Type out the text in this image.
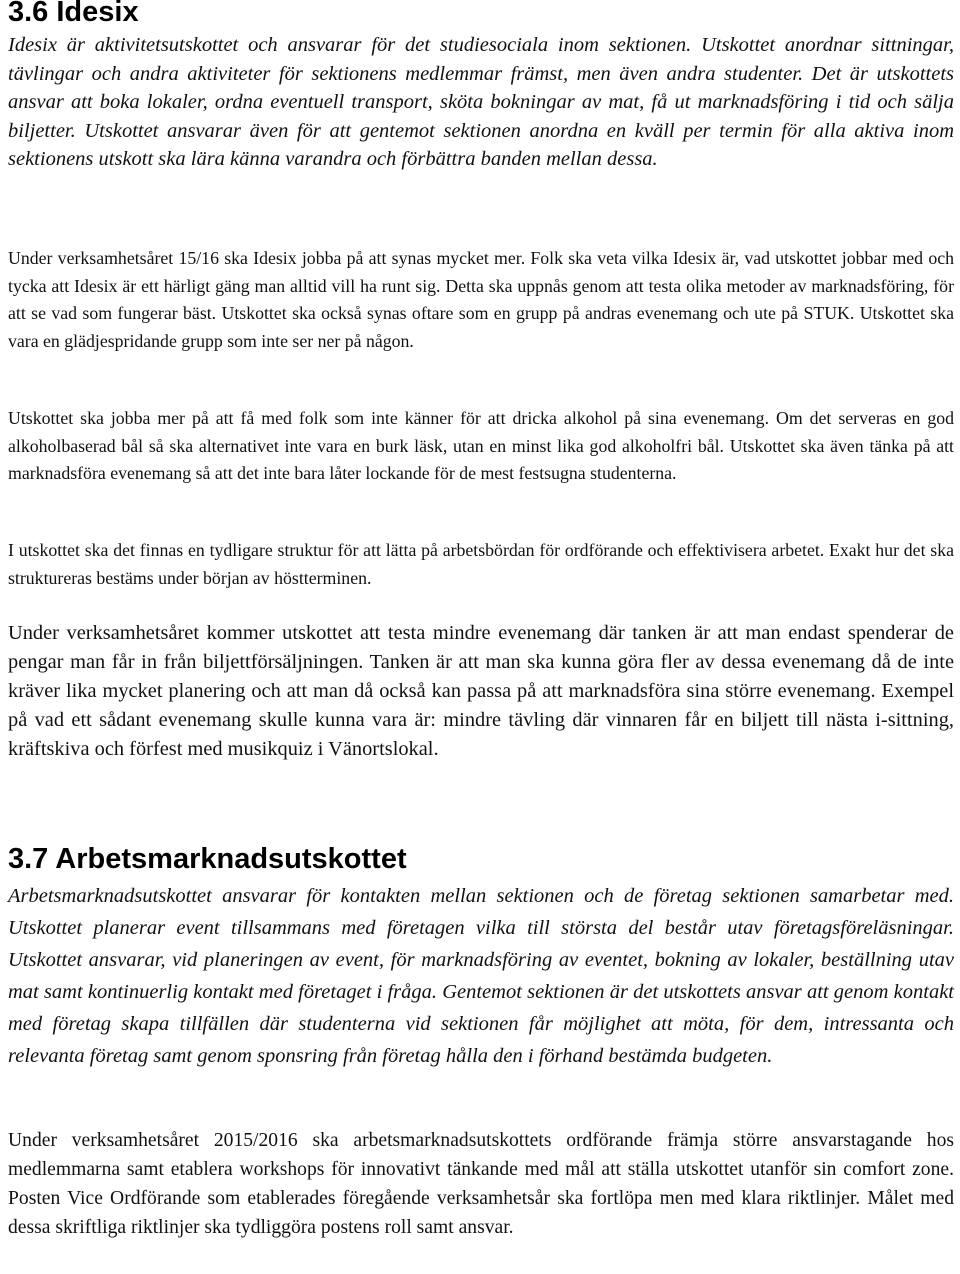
3.6 Idesix

Idesix är aktivitetsutskottet och ansvarar för det studiesociala inom sektionen. Utskottet anordnar sittningar, tävlingar och andra aktiviteter för sektionens medlemmar främst, men även andra studenter. Det är utskottets ansvar att boka lokaler, ordna eventuell transport, sköta bokningar av mat, få ut marknadsföring i tid och sälja biljetter. Utskottet ansvarar även för att gentemot sektionen anordna en kväll per termin för alla aktiva inom sektionens utskott ska lära känna varandra och förbättra banden mellan dessa.

Under verksamhetsåret 15/16 ska Idesix jobba på att synas mycket mer. Folk ska veta vilka Idesix är, vad utskottet jobbar med och tycka att Idesix är ett härligt gäng man alltid vill ha runt sig. Detta ska uppnås genom att testa olika metoder av marknadsföring, för att se vad som fungerar bäst. Utskottet ska också synas oftare som en grupp på andras evenemang och ute på STUK. Utskottet ska vara en glädjespridande grupp som inte ser ner på någon.

Utskottet ska jobba mer på att få med folk som inte känner för att dricka alkohol på sina evenemang. Om det serveras en god alkoholbaserad bål så ska alternativet inte vara en burk läsk, utan en minst lika god alkoholfri bål. Utskottet ska även tänka på att marknadsföra evenemang så att det inte bara låter lockande för de mest festsugna studenterna.

I utskottet ska det finnas en tydligare struktur för att lätta på arbetsbördan för ordförande och effektivisera arbetet. Exakt hur det ska struktureras bestäms under början av höstterminen.

Under verksamhetsåret kommer utskottet att testa mindre evenemang där tanken är att man endast spenderar de pengar man får in från biljettförsäljningen. Tanken är att man ska kunna göra fler av dessa evenemang då de inte kräver lika mycket planering och att man då också kan passa på att marknadsföra sina större evenemang. Exempel på vad ett sådant evenemang skulle kunna vara är: mindre tävling där vinnaren får en biljett till nästa i-sittning, kräftskiva och förfest med musikquiz i Vänortslokal.

3.7 Arbetsmarknadsutskottet

Arbetsmarknadsutskottet ansvarar för kontakten mellan sektionen och de företag sektionen samarbetar med. Utskottet planerar event tillsammans med företagen vilka till största del består utav företagsföreläsningar. Utskottet ansvarar, vid planeringen av event, för marknadsföring av eventet, bokning av lokaler, beställning utav mat samt kontinuerlig kontakt med företaget i fråga. Gentemot sektionen är det utskottets ansvar att genom kontakt med företag skapa tillfällen där studenterna vid sektionen får möjlighet att möta, för dem, intressanta och relevanta företag samt genom sponsring från företag hålla den i förhand bestämda budgeten.

Under verksamhetsåret 2015/2016 ska arbetsmarknadsutskottets ordförande främja större ansvarstagande hos medlemmarna samt etablera workshops för innovativt tänkande med mål att ställa utskottet utanför sin comfort zone. Posten Vice Ordförande som etablerades föregående verksamhetsår ska fortlöpa men med klara riktlinjer. Målet med dessa skriftliga riktlinjer ska tydliggöra postens roll samt ansvar.
